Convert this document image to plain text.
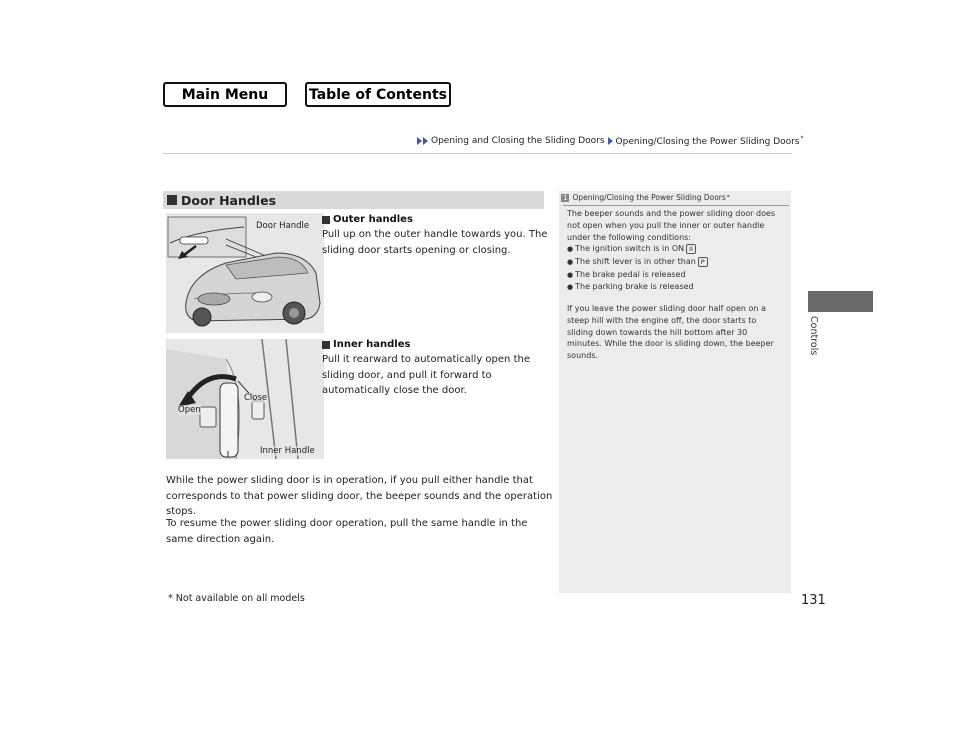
Main Menu	Table of Contents
Opening and Closing the Sliding Doors Opening/Closing the Power Sliding Doors*
Door Handles
Door Handle
Outer handles
Pull up on the outer handle towards you. The sliding door starts opening or closing.
Open
Close
Inner Handle
Inner handles
Pull it rearward to automatically open the sliding door, and pull it forward to automatically close the door.
While the power sliding door is in operation, if you pull either handle that corresponds to that power sliding door, the beeper sounds and the operation stops.
To resume the power sliding door operation, pull the same handle in the same direction again.
1 Opening/Closing the Power Sliding Doors *
The beeper sounds and the power sliding door does not open when you pull the inner or outer handle under the following conditions:
● The ignition switch is in ON II
● The shift lever is in other than P
● The brake pedal is released
● The parking brake is released
If you leave the power sliding door half open on a steep hill with the engine off, the door starts to sliding down towards the hill bottom after 30 minutes. While the door is sliding down, the beeper sounds.
Controls
* Not available on all models	131
